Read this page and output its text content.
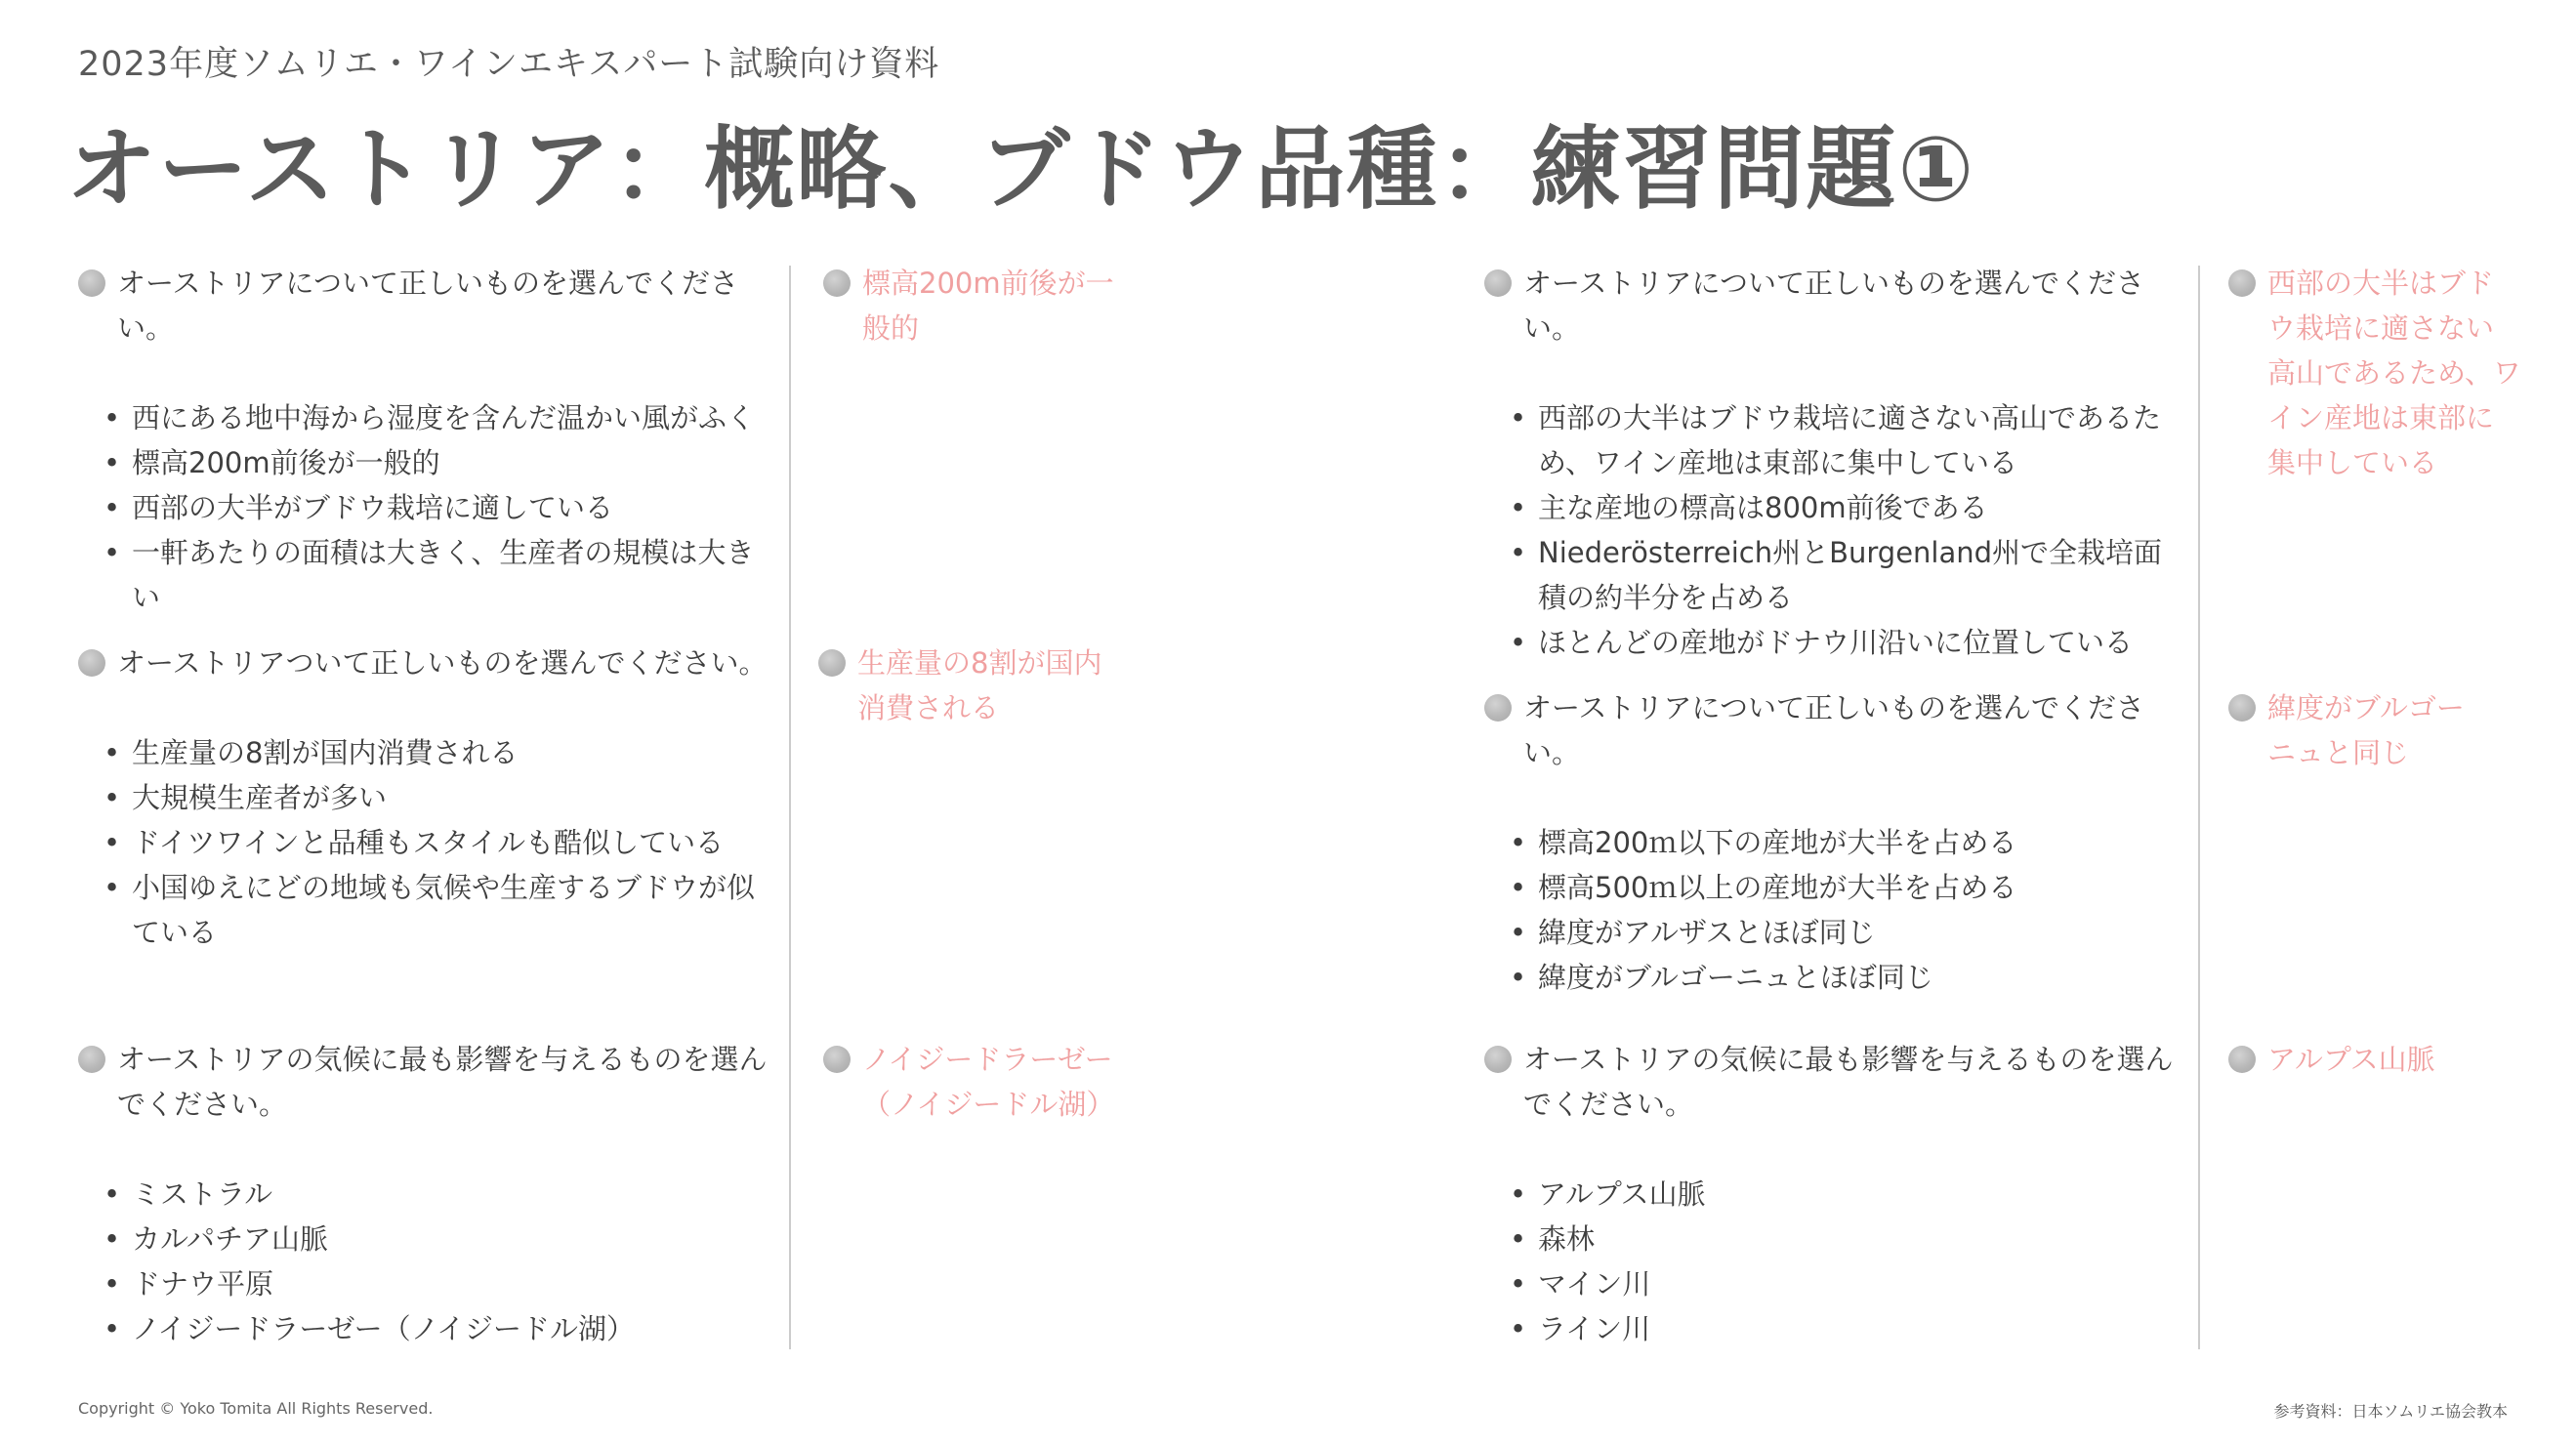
2023年度ソムリエ・ワインエキスパート試験向け資料
オーストリア：概略、ブドウ品種：練習問題①
オーストリアについて正しいものを選んでください。
• 西にある地中海から湿度を含んだ温かい風がふく
• 標高200m前後が一般的
• 西部の大半がブドウ栽培に適している
• 一軒あたりの面積は大きく、生産者の規模は大きい
標高200m前後が一般的
オーストリアついて正しいものを選んでください。
• 生産量の8割が国内消費される
• 大規模生産者が多い
• ドイツワインと品種もスタイルも酷似している
• 小国ゆえにどの地域も気候や生産するブドウが似ている
生産量の8割が国内消費される
オーストリアの気候に最も影響を与えるものを選んでください。
• ミストラル
• カルパチア山脈
• ドナウ平原
• ノイジードラーゼー（ノイジードル湖）
ノイジードラーゼー（ノイジードル湖）
オーストリアについて正しいものを選んでください。
• 西部の大半はブドウ栽培に適さない高山であるため、ワイン産地は東部に集中している
• 主な産地の標高は800m前後である
• Niederösterreich州とBurgenland州で全栽培面積の約半分を占める
• ほとんどの産地がドナウ川沿いに位置している
西部の大半はブドウ栽培に適さない高山であるため、ワイン産地は東部に集中している
オーストリアについて正しいものを選んでください。
• 標高200ｍ以下の産地が大半を占める
• 標高500ｍ以上の産地が大半を占める
• 緯度がアルザスとほぼ同じ
• 緯度がブルゴーニュとほぼ同じ
緯度がブルゴーニュと同じ
オーストリアの気候に最も影響を与えるものを選んでください。
• アルプス山脈
• 森林
• マイン川
• ライン川
アルプス山脈
Copyright © Yoko Tomita All Rights Reserved.	参考資料：日本ソムリエ協会教本
